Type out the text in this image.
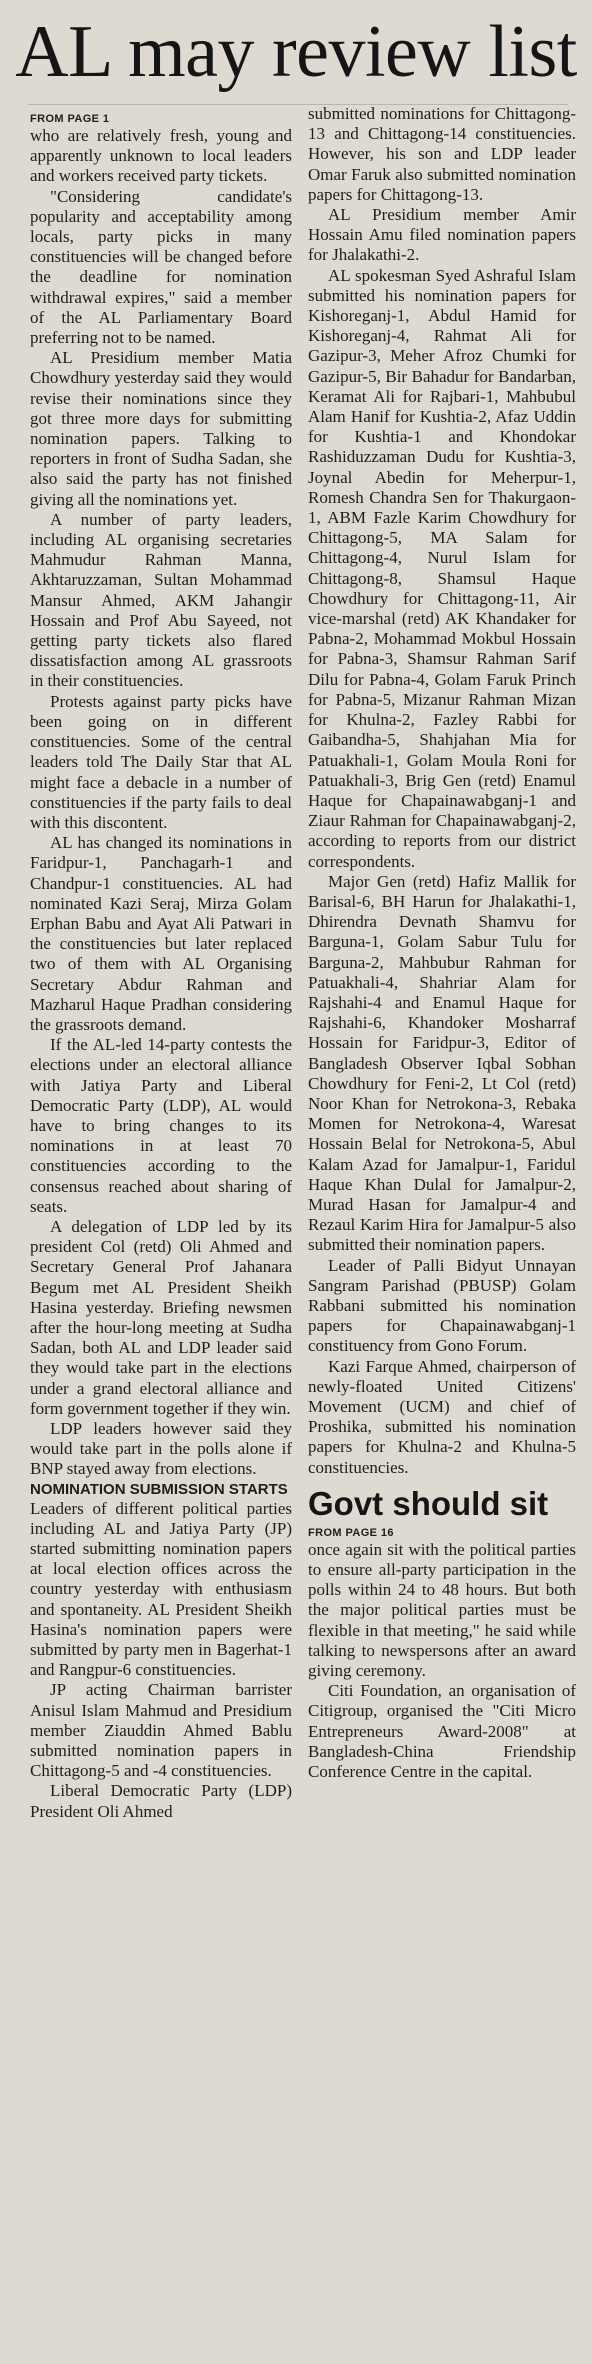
AL may review list
FROM PAGE 1

who are relatively fresh, young and apparently unknown to local leaders and workers received party tickets.

"Considering candidate's popularity and acceptability among locals, party picks in many constituencies will be changed before the deadline for nomination withdrawal expires," said a member of the AL Parliamentary Board preferring not to be named.

AL Presidium member Matia Chowdhury yesterday said they would revise their nominations since they got three more days for submitting nomination papers. Talking to reporters in front of Sudha Sadan, she also said the party has not finished giving all the nominations yet.

A number of party leaders, including AL organising secretaries Mahmudur Rahman Manna, Akhtaruzzaman, Sultan Mohammad Mansur Ahmed, AKM Jahangir Hossain and Prof Abu Sayeed, not getting party tickets also flared dissatisfaction among AL grassroots in their constituencies.

Protests against party picks have been going on in different constituencies. Some of the central leaders told The Daily Star that AL might face a debacle in a number of constituencies if the party fails to deal with this discontent.

AL has changed its nominations in Faridpur-1, Panchagarh-1 and Chandpur-1 constituencies. AL had nominated Kazi Seraj, Mirza Golam Erphan Babu and Ayat Ali Patwari in the constituencies but later replaced two of them with AL Organising Secretary Abdur Rahman and Mazharul Haque Pradhan considering the grassroots demand.

If the AL-led 14-party contests the elections under an electoral alliance with Jatiya Party and Liberal Democratic Party (LDP), AL would have to bring changes to its nominations in at least 70 constituencies according to the consensus reached about sharing of seats.

A delegation of LDP led by its president Col (retd) Oli Ahmed and Secretary General Prof Jahanara Begum met AL President Sheikh Hasina yesterday. Briefing newsmen after the hour-long meeting at Sudha Sadan, both AL and LDP leader said they would take part in the elections under a grand electoral alliance and form government together if they win.

LDP leaders however said they would take part in the polls alone if BNP stayed away from elections.

NOMINATION SUBMISSION STARTS

Leaders of different political parties including AL and Jatiya Party (JP) started submitting nomination papers at local election offices across the country yesterday with enthusiasm and spontaneity. AL President Sheikh Hasina's nomination papers were submitted by party men in Bagerhat-1 and Rangpur-6 constituencies.

JP acting Chairman barrister Anisul Islam Mahmud and Presidium member Ziauddin Ahmed Bablu submitted nomination papers in Chittagong-5 and -4 constituencies.

Liberal Democratic Party (LDP) President Oli Ahmed

submitted nominations for Chittagong-13 and Chittagong-14 constituencies. However, his son and LDP leader Omar Faruk also submitted nomination papers for Chittagong-13.

AL Presidium member Amir Hossain Amu filed nomination papers for Jhalakathi-2.

AL spokesman Syed Ashraful Islam submitted his nomination papers for Kishoreganj-1, Abdul Hamid for Kishoreganj-4, Rahmat Ali for Gazipur-3, Meher Afroz Chumki for Gazipur-5, Bir Bahadur for Bandarban, Keramat Ali for Rajbari-1, Mahbubul Alam Hanif for Kushtia-2, Afaz Uddin for Kushtia-1 and Khondokar Rashiduzzaman Dudu for Kushtia-3, Joynal Abedin for Meherpur-1, Romesh Chandra Sen for Thakurgaon-1, ABM Fazle Karim Chowdhury for Chittagong-5, MA Salam for Chittagong-4, Nurul Islam for Chittagong-8, Shamsul Haque Chowdhury for Chittagong-11, Air vice-marshal (retd) AK Khandaker for Pabna-2, Mohammad Mokbul Hossain for Pabna-3, Shamsur Rahman Sarif Dilu for Pabna-4, Golam Faruk Princh for Pabna-5, Mizanur Rahman Mizan for Khulna-2, Fazley Rabbi for Gaibandha-5, Shahjahan Mia for Patuakhali-1, Golam Moula Roni for Patuakhali-3, Brig Gen (retd) Enamul Haque for Chapainawabganj-1 and Ziaur Rahman for Chapainawabganj-2, according to reports from our district correspondents.

Major Gen (retd) Hafiz Mallik for Barisal-6, BH Harun for Jhalakathi-1, Dhirendra Devnath Shamvu for Barguna-1, Golam Sabur Tulu for Barguna-2, Mahbubur Rahman for Patuakhali-4, Shahriar Alam for Rajshahi-4 and Enamul Haque for Rajshahi-6, Khandoker Mosharraf Hossain for Faridpur-3, Editor of Bangladesh Observer Iqbal Sobhan Chowdhury for Feni-2, Lt Col (retd) Noor Khan for Netrokona-3, Rebaka Momen for Netrokona-4, Waresat Hossain Belal for Netrokona-5, Abul Kalam Azad for Jamalpur-1, Faridul Haque Khan Dulal for Jamalpur-2, Murad Hasan for Jamalpur-4 and Rezaul Karim Hira for Jamalpur-5 also submitted their nomination papers.

Leader of Palli Bidyut Unnayan Sangram Parishad (PBUSP) Golam Rabbani submitted his nomination papers for Chapainawabganj-1 constituency from Gono Forum.

Kazi Farque Ahmed, chairperson of newly-floated United Citizens' Movement (UCM) and chief of Proshika, submitted his nomination papers for Khulna-2 and Khulna-5 constituencies.

Govt should sit
FROM PAGE 16

once again sit with the political parties to ensure all-party participation in the polls within 24 to 48 hours. But both the major political parties must be flexible in that meeting," he said while talking to newspersons after an award giving ceremony.

Citi Foundation, an organisation of Citigroup, organised the "Citi Micro Entrepreneurs Award-2008" at Bangladesh-China Friendship Conference Centre in the capital.
